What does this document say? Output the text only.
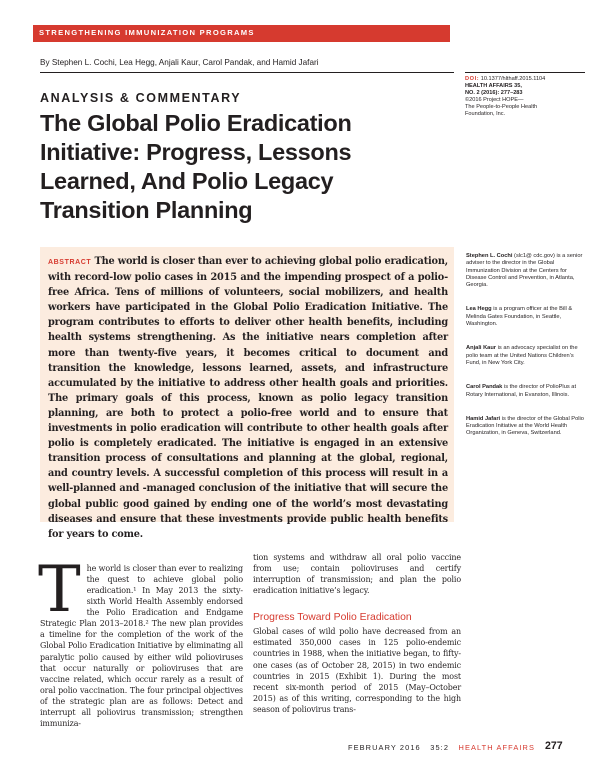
STRENGTHENING IMMUNIZATION PROGRAMS
By Stephen L. Cochi, Lea Hegg, Anjali Kaur, Carol Pandak, and Hamid Jafari
ANALYSIS & COMMENTARY
The Global Polio Eradication
Initiative: Progress, Lessons
Learned, And Polio Legacy
Transition Planning
DOI: 10.1377/hlthaff.2015.1104
HEALTH AFFAIRS 35,
NO. 2 (2016): 277–283
©2016 Project HOPE—
The People-to-People Health
Foundation, Inc.

ABSTRACT The world is closer than ever to achieving global polio eradication, with record-low polio cases in 2015 and the impending prospect of a polio-free Africa. Tens of millions of volunteers, social mobilizers, and health workers have participated in the Global Polio Eradication Initiative. The program contributes to efforts to deliver other health benefits, including health systems strengthening. As the initiative nears completion after more than twenty-five years, it becomes critical to document and transition the knowledge, lessons learned, assets, and infrastructure accumulated by the initiative to address other health goals and priorities. The primary goals of this process, known as polio legacy transition planning, are both to protect a polio-free world and to ensure that investments in polio eradication will contribute to other health goals after polio is completely eradicated. The initiative is engaged in an extensive transition process of consultations and planning at the global, regional, and country levels. A successful completion of this process will result in a well-planned and -managed conclusion of the initiative that will secure the global public good gained by ending one of the world’s most devastating diseases and ensure that these investments provide public health benefits for years to come.

Stephen L. Cochi (slc1@ cdc.gov) is a senior adviser to the director in the Global Immunization Division at the Centers for Disease Control and Prevention, in Atlanta, Georgia.
Lea Hegg is a program officer at the Bill & Melinda Gates Foundation, in Seattle, Washington.
Anjali Kaur is an advocacy specialist on the polio team at the United Nations Children’s Fund, in New York City.
Carol Pandak is the director of PolioPlus at Rotary International, in Evanston, Illinois.
Hamid Jafari is the director of the Global Polio Eradication Initiative at the World Health Organization, in Geneva, Switzerland.
The world is closer than ever to realizing the quest to achieve global polio eradication.¹ In May 2013 the sixty-sixth World Health Assembly endorsed the Polio Eradication and Endgame Strategic Plan 2013–2018.² The new plan provides a timeline for the completion of the work of the Global Polio Eradication Initiative by eliminating all paralytic polio caused by either wild polioviruses that occur naturally or polioviruses that are vaccine related, which occur rarely as a result of oral polio vaccination. The four principal objectives of the strategic plan are as follows: Detect and interrupt all poliovirus transmission; strengthen immuniza-
tion systems and withdraw all oral polio vaccine from use; contain polioviruses and certify interruption of transmission; and plan the polio eradication initiative’s legacy.
Progress Toward Polio Eradication
Global cases of wild polio have decreased from an estimated 350,000 cases in 125 polio-endemic countries in 1988, when the initiative began, to fifty-one cases (as of October 28, 2015) in two endemic countries in 2015 (Exhibit 1). During the most recent six-month period of 2015 (May–October 2015) as of this writing, corresponding to the high season of poliovirus trans-
FEBRUARY 2016 35:2 HEALTH AFFAIRS 277
